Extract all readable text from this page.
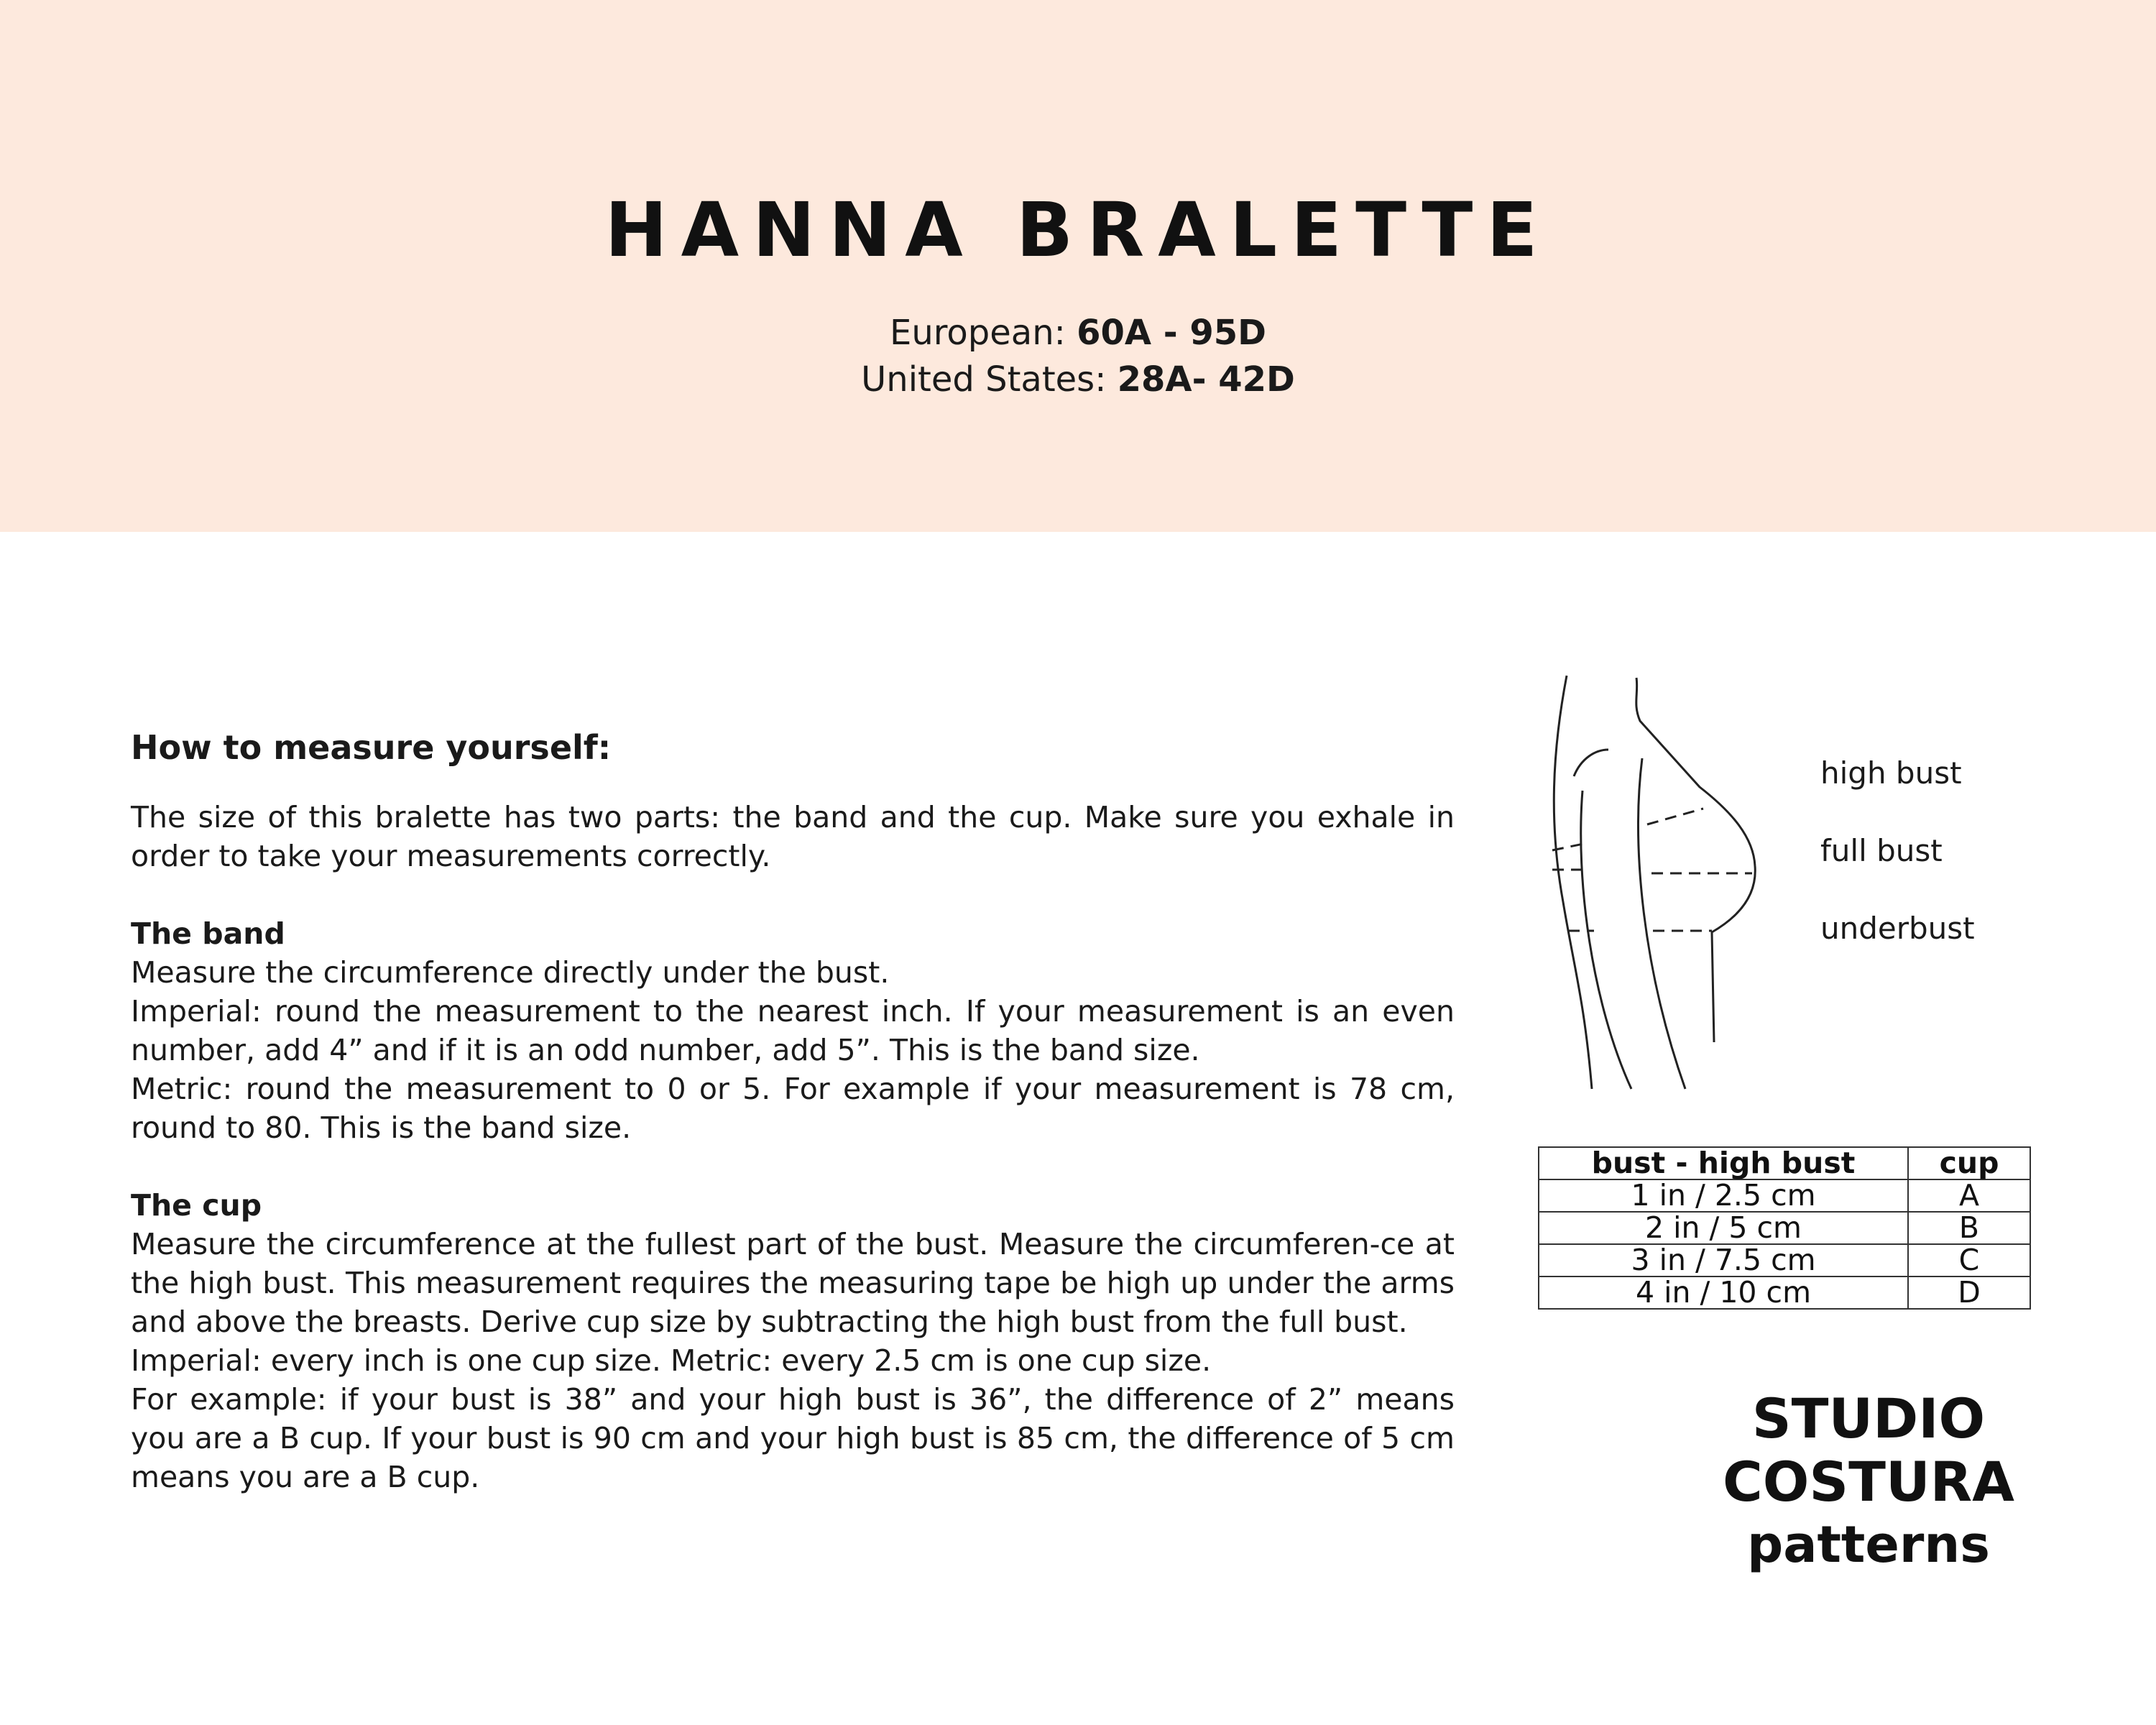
HANNA BRALETTE
European: 60A - 95D
United States: 28A- 42D

How to measure yourself:

The size of this bralette has two parts: the band and the cup. Make sure you exhale in order to take your measurements correctly.

The band

Measure the circumference directly under the bust.

Imperial: round the measurement to the nearest inch. If your measurement is an even number, add 4” and if it is an odd number, add 5”. This is the band size.

Metric: round the measurement to 0 or 5. For example if your measurement is 78 cm, round to 80. This is the band size.

The cup

Measure the circumference at the fullest part of the bust. Measure the circumferen-ce at the high bust. This measurement requires the measuring tape be high up under the arms and above the breasts. Derive cup size by subtracting the high bust from the full bust.

Imperial: every inch is one cup size. Metric: every 2.5 cm is one cup size.

For example: if your bust is 38” and your high bust is 36”, the difference of 2” means you are a B cup. If your bust is 90 cm and your high bust is 85 cm, the difference of 5 cm means you are a B cup.

high bust
full bust
underbust
bust - high bust	cup
1 in / 2.5 cm	A
2 in / 5 cm	B
3 in / 7.5 cm	C
4 in / 10 cm	D
STUDIO
COSTURA
patterns
